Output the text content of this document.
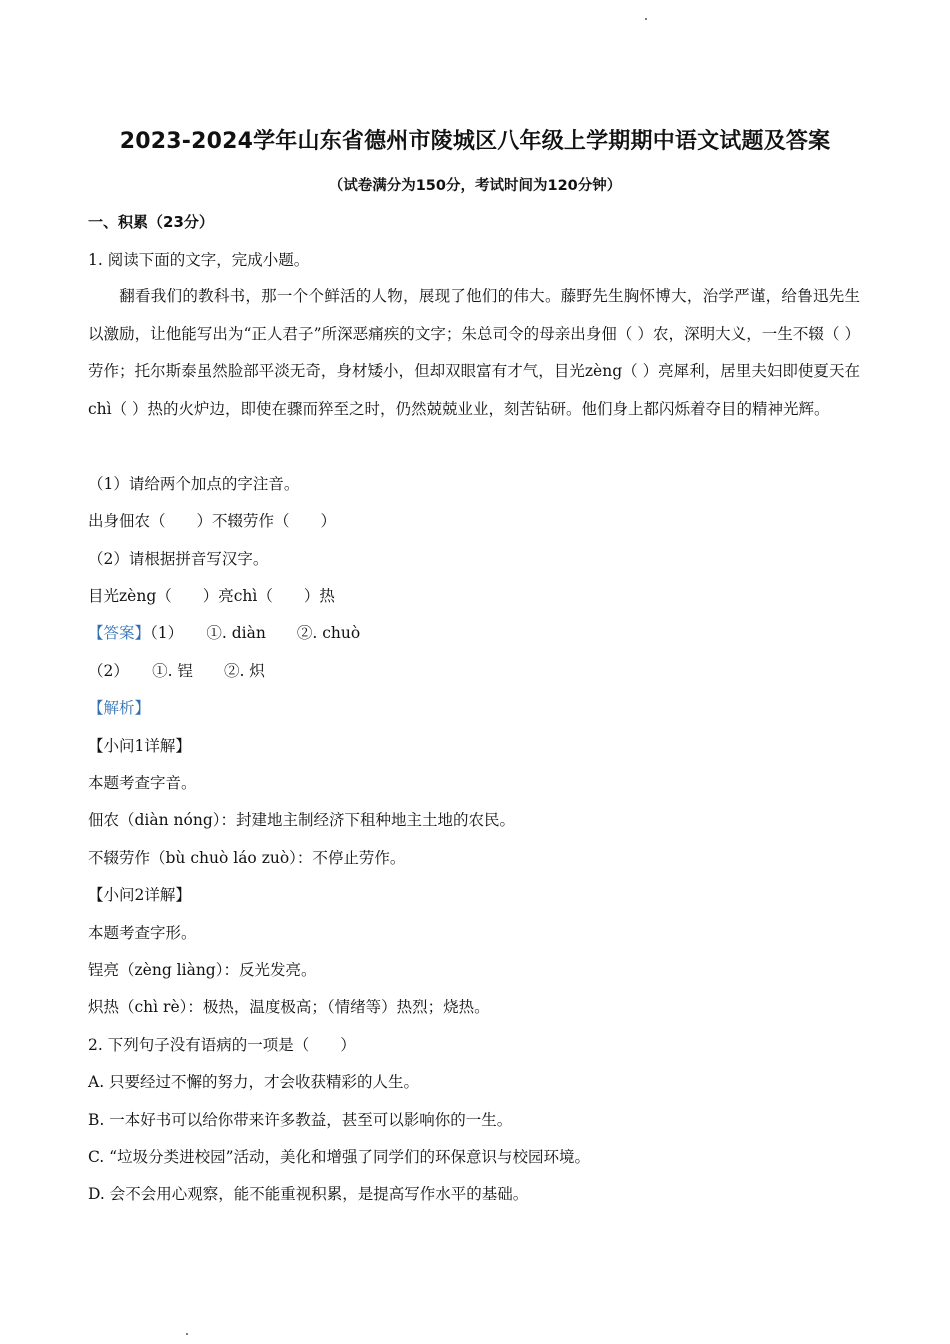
2023-2024学年山东省德州市陵城区八年级上学期期中语文试题及答案
（试卷满分为150分，考试时间为120分钟）
一、积累（23分）
1. 阅读下面的文字，完成小题。
翻看我们的教科书，那一个个鲜活的人物，展现了他们的伟大。藤野先生胸怀博大，治学严谨，给鲁迅先生以激励，让他能写出为“正人君子”所深恶痛疾的文字；朱总司令的母亲出身佃（ ）农，深明大义，一生不辍（ ）劳作；托尔斯泰虽然脸部平淡无奇，身材矮小，但却双眼富有才气，目光zèng（ ）亮犀利，居里夫妇即使夏天在chì（ ）热的火炉边，即使在骤而猝至之时，仍然兢兢业业，刻苦钻研。他们身上都闪烁着夺目的精神光辉。
（1）请给两个加点的字注音。
出身佃农（　　）不辍劳作（　　）
（2）请根据拼音写汉字。
目光zèng（　　）亮chì（　　）热
【答案】（1）　　①. diàn　　②. chuò
（2）　　①. 锃　　②. 炽
【解析】
【小问1详解】
本题考查字音。
佃农（diàn nóng）：封建地主制经济下租种地主土地的农民。
不辍劳作（bù chuò láo zuò）：不停止劳作。
【小问2详解】
本题考查字形。
锃亮（zèng liàng）：反光发亮。
炽热（chì rè）：极热，温度极高；（情绪等）热烈；烧热。
2. 下列句子没有语病的一项是（　　）
A. 只要经过不懈的努力，才会收获精彩的人生。
B. 一本好书可以给你带来许多教益，甚至可以影响你的一生。
C. “垃圾分类进校园”活动，美化和增强了同学们的环保意识与校园环境。
D. 会不会用心观察，能不能重视积累，是提高写作水平的基础。
